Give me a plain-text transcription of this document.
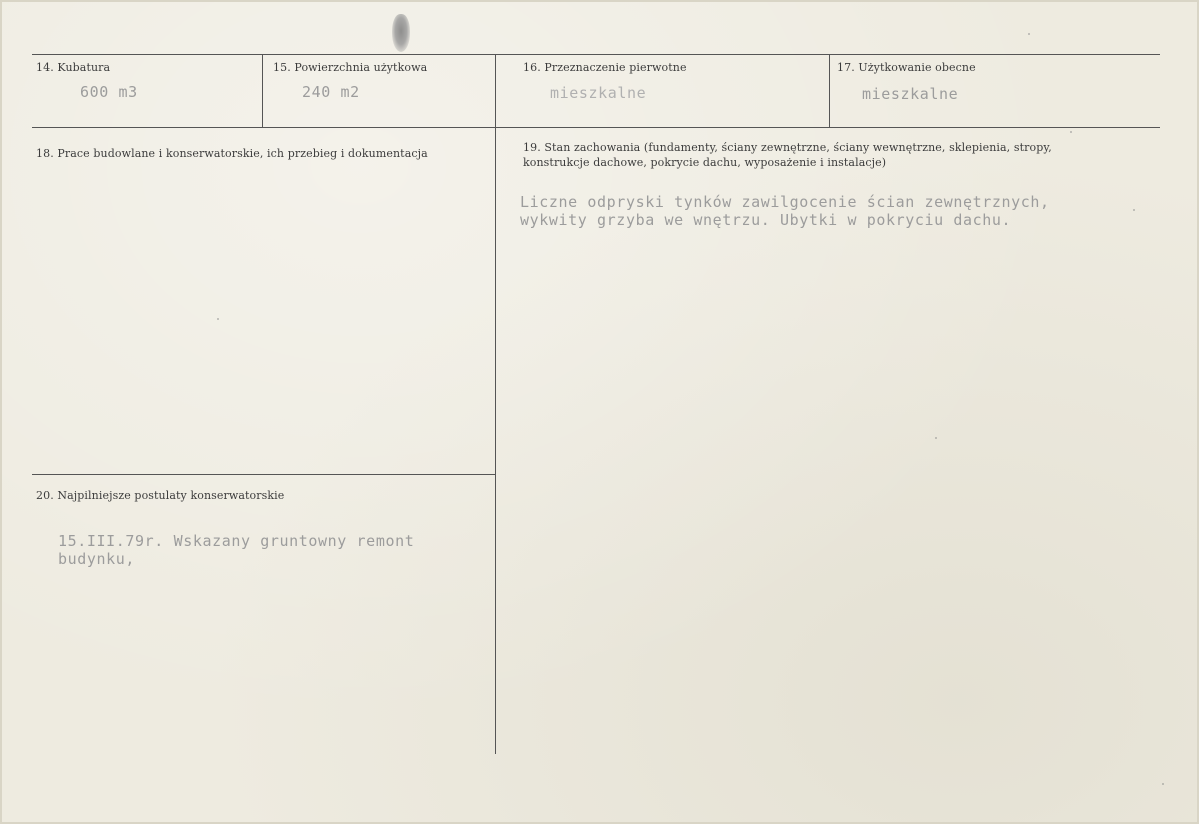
14. Kubatura
600 m3
15. Powierzchnia użytkowa
240 m2
16. Przeznaczenie pierwotne
mieszkalne
17. Użytkowanie obecne
mieszkalne
18. Prace budowlane i konserwatorskie, ich przebieg i dokumentacja	19. Stan zachowania (fundamenty, ściany zewnętrzne, ściany wewnętrzne, sklepienia, stropy,
konstrukcje dachowe, pokrycie dachu, wyposażenie i instalacje)
Liczne odpryski tynków zawilgocenie ścian zewnętrznych,
wykwity grzyba we wnętrzu. Ubytki w pokryciu dachu.
20. Najpilniejsze postulaty konserwatorskie
15.III.79r. Wskazany gruntowny remont
budynku,
